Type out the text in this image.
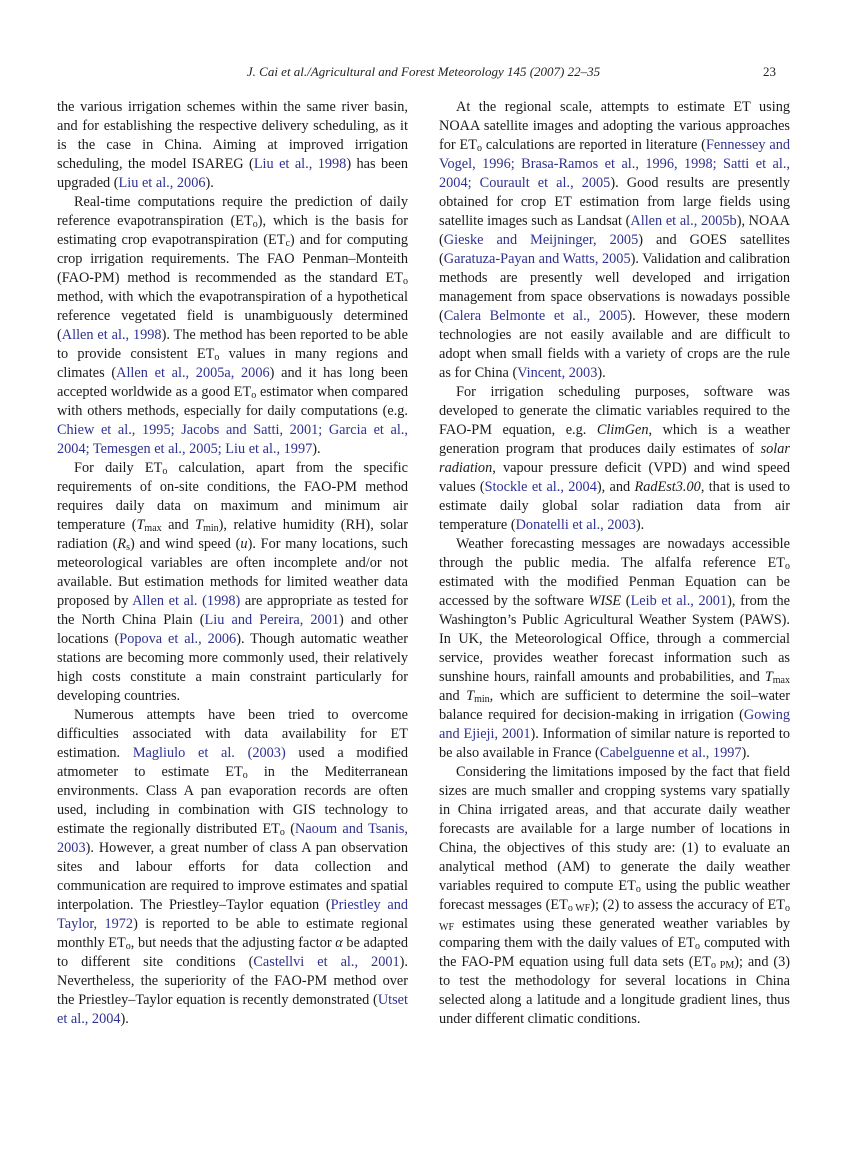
J. Cai et al./Agricultural and Forest Meteorology 145 (2007) 22–35	23

the various irrigation schemes within the same river basin, and for establishing the respective delivery scheduling, as it is the case in China. Aiming at improved irrigation scheduling, the model ISAREG (Liu et al., 1998) has been upgraded (Liu et al., 2006).

Real-time computations require the prediction of daily reference evapotranspiration (ETo), which is the basis for estimating crop evapotranspiration (ETc) and for computing crop irrigation requirements. The FAO Penman–Monteith (FAO-PM) method is recommended as the standard ETo method, with which the evapotranspiration of a hypothetical reference vegetated field is unambiguously determined (Allen et al., 1998). The method has been reported to be able to provide consistent ETo values in many regions and climates (Allen et al., 2005a, 2006) and it has long been accepted worldwide as a good ETo estimator when compared with others methods, especially for daily computations (e.g. Chiew et al., 1995; Jacobs and Satti, 2001; Garcia et al., 2004; Temesgen et al., 2005; Liu et al., 1997).

For daily ETo calculation, apart from the specific requirements of on-site conditions, the FAO-PM method requires daily data on maximum and minimum air temperature (Tmax and Tmin), relative humidity (RH), solar radiation (Rs) and wind speed (u). For many locations, such meteorological variables are often incomplete and/or not available. But estimation methods for limited weather data proposed by Allen et al. (1998) are appropriate as tested for the North China Plain (Liu and Pereira, 2001) and other locations (Popova et al., 2006). Though automatic weather stations are becoming more commonly used, their relatively high costs constitute a main constraint particularly for developing countries.

Numerous attempts have been tried to overcome difficulties associated with data availability for ET estimation. Magliulo et al. (2003) used a modified atmometer to estimate ETo in the Mediterranean environments. Class A pan evaporation records are often used, including in combination with GIS technology to estimate the regionally distributed ETo (Naoum and Tsanis, 2003). However, a great number of class A pan observation sites and labour efforts for data collection and communication are required to improve estimates and spatial interpolation. The Priestley–Taylor equation (Priestley and Taylor, 1972) is reported to be able to estimate regional monthly ETo, but needs that the adjusting factor α be adapted to different site conditions (Castellvi et al., 2001). Nevertheless, the superiority of the FAO-PM method over the Priestley–Taylor equation is recently demonstrated (Utset et al., 2004).

At the regional scale, attempts to estimate ET using NOAA satellite images and adopting the various approaches for ETo calculations are reported in literature (Fennessey and Vogel, 1996; Brasa-Ramos et al., 1996, 1998; Satti et al., 2004; Courault et al., 2005). Good results are presently obtained for crop ET estimation from large fields using satellite images such as Landsat (Allen et al., 2005b), NOAA (Gieske and Meijninger, 2005) and GOES satellites (Garatuza-Payan and Watts, 2005). Validation and calibration methods are presently well developed and irrigation management from space observations is nowadays possible (Calera Belmonte et al., 2005). However, these modern technologies are not easily available and are difficult to adopt when small fields with a variety of crops are the rule as for China (Vincent, 2003).

For irrigation scheduling purposes, software was developed to generate the climatic variables required to the FAO-PM equation, e.g. ClimGen, which is a weather generation program that produces daily estimates of solar radiation, vapour pressure deficit (VPD) and wind speed values (Stockle et al., 2004), and RadEst3.00, that is used to estimate daily global solar radiation data from air temperature (Donatelli et al., 2003).

Weather forecasting messages are nowadays accessible through the public media. The alfalfa reference ETo estimated with the modified Penman Equation can be accessed by the software WISE (Leib et al., 2001), from the Washington’s Public Agricultural Weather System (PAWS). In UK, the Meteorological Office, through a commercial service, provides weather forecast information such as sunshine hours, rainfall amounts and probabilities, and Tmax and Tmin, which are sufficient to determine the soil–water balance required for decision-making in irrigation (Gowing and Ejieji, 2001). Information of similar nature is reported to be also available in France (Cabelguenne et al., 1997).

Considering the limitations imposed by the fact that field sizes are much smaller and cropping systems vary spatially in China irrigated areas, and that accurate daily weather forecasts are available for a large number of locations in China, the objectives of this study are: (1) to evaluate an analytical method (AM) to generate the daily weather variables required to compute ETo using the public weather forecast messages (ETo WF); (2) to assess the accuracy of ETo WF estimates using these generated weather variables by comparing them with the daily values of ETo computed with the FAO-PM equation using full data sets (ETo PM); and (3) to test the methodology for several locations in China selected along a latitude and a longitude gradient lines, thus under different climatic conditions.
